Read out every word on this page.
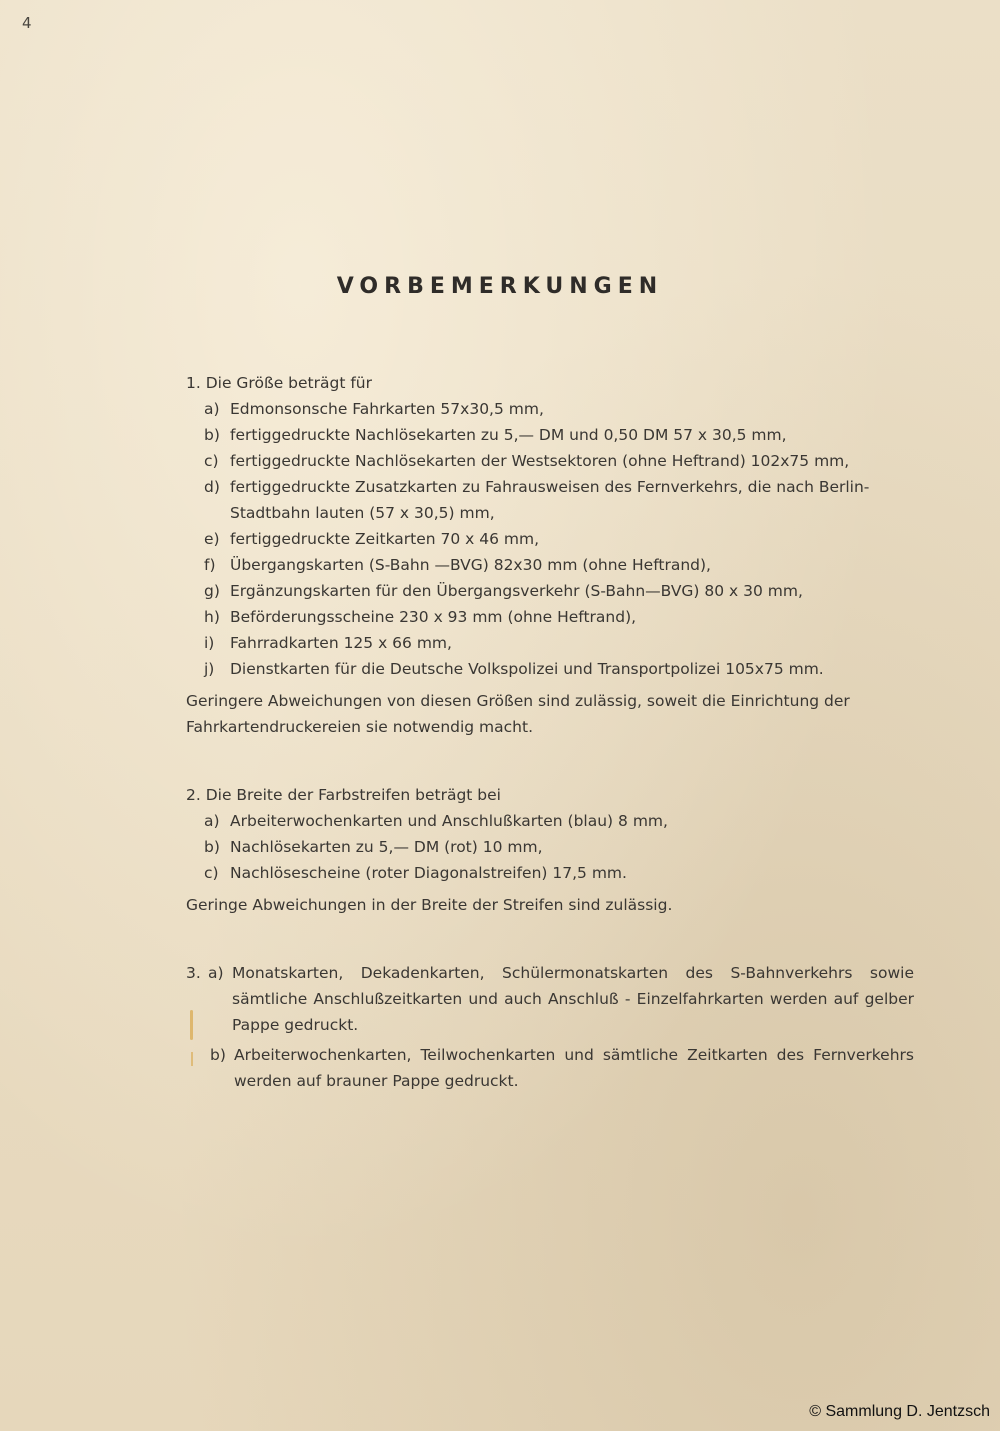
4
VORBEMERKUNGEN
1. Die Größe beträgt für
a) Edmonsonsche Fahrkarten 57x30,5 mm,
b) fertiggedruckte Nachlösekarten zu 5,— DM und 0,50 DM 57 x 30,5 mm,
c) fertiggedruckte Nachlösekarten der Westsektoren (ohne Heftrand) 102x75 mm,
d) fertiggedruckte Zusatzkarten zu Fahrausweisen des Fernverkehrs, die nach Berlin-Stadtbahn lauten (57 x 30,5) mm,
e) fertiggedruckte Zeitkarten 70 x 46 mm,
f) Übergangskarten (S-Bahn —BVG) 82x30 mm (ohne Heftrand),
g) Ergänzungskarten für den Übergangsverkehr (S-Bahn—BVG) 80 x 30 mm,
h) Beförderungsscheine 230 x 93 mm (ohne Heftrand),
i) Fahrradkarten 125 x 66 mm,
j) Dienstkarten für die Deutsche Volkspolizei und Transportpolizei 105x75 mm.
Geringere Abweichungen von diesen Größen sind zulässig, soweit die Einrichtung der Fahrkartendruckereien sie notwendig macht.
2. Die Breite der Farbstreifen beträgt bei
a) Arbeiterwochenkarten und Anschlußkarten (blau) 8 mm,
b) Nachlösekarten zu 5,— DM (rot) 10 mm,
c) Nachlösescheine (roter Diagonalstreifen) 17,5 mm.
Geringe Abweichungen in der Breite der Streifen sind zulässig.
3. a) Monatskarten, Dekadenkarten, Schülermonatskarten des S-Bahnverkehrs sowie sämtliche Anschlußzeitkarten und auch Anschluß - Einzelfahrkarten werden auf gelber Pappe gedruckt.
b) Arbeiterwochenkarten, Teilwochenkarten und sämtliche Zeitkarten des Fernverkehrs werden auf brauner Pappe gedruckt.
© Sammlung D. Jentzsch
